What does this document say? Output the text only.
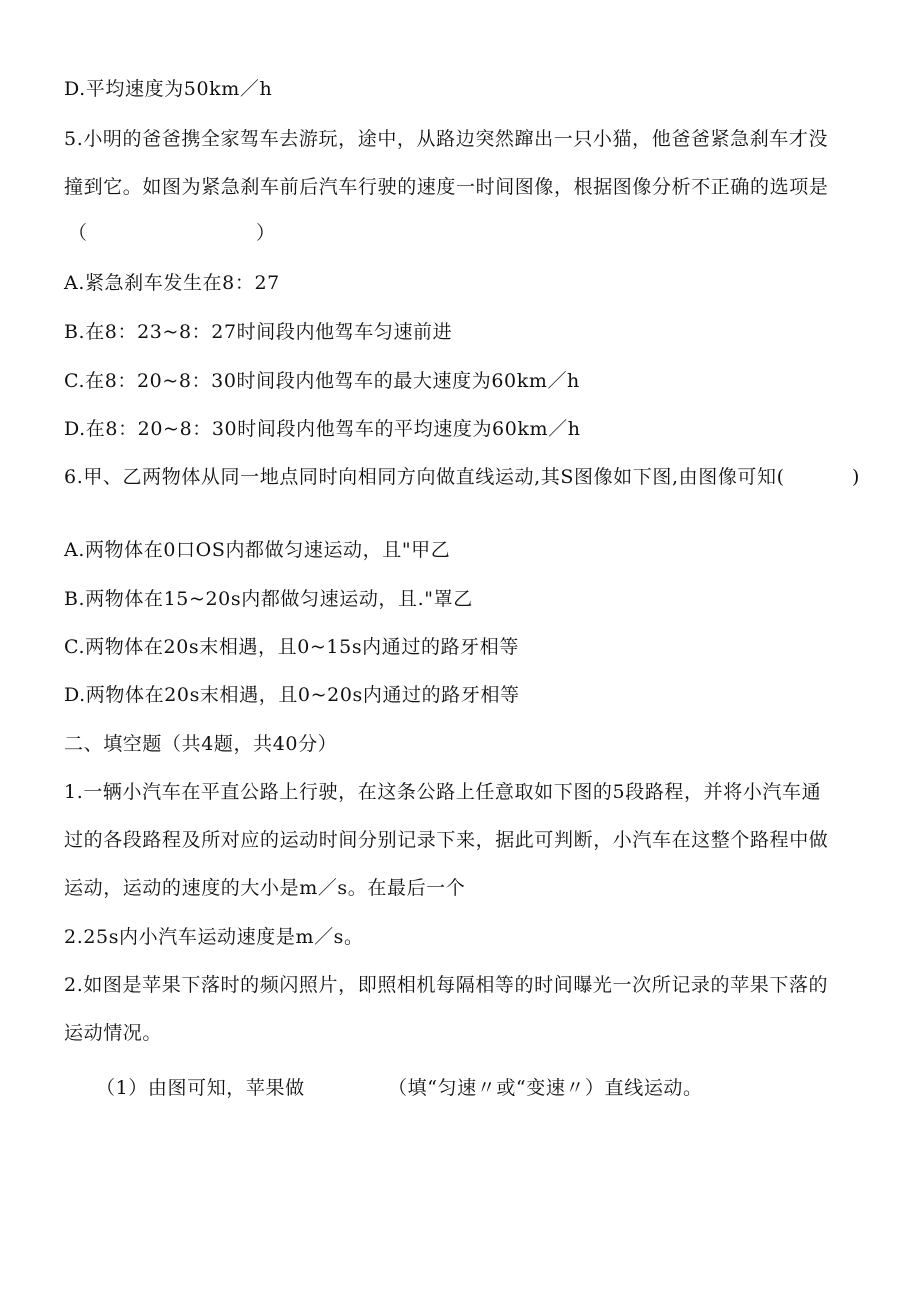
D.平均速度为50km／h
5.小明的爸爸携全家驾车去游玩，途中，从路边突然蹿出一只小猫，他爸爸紧急刹车才没
撞到它。如图为紧急刹车前后汽车行驶的速度一时间图像，根据图像分析不正确的选项是
（	）
A.紧急刹车发生在8：27
B.在8：23~8：27时间段内他驾车匀速前进
C.在8：20~8：30时间段内他驾车的最大速度为60km／h
D.在8：20~8：30时间段内他驾车的平均速度为60km／h
6.甲、乙两物体从同一地点同时向相同方向做直线运动,其S图像如下图,由图像可知(	)
A.两物体在0口OS内都做匀速运动，且"甲乙
B.两物体在15~20s内都做匀速运动，且."罩乙
C.两物体在20s末相遇，且0~15s内通过的路牙相等
D.两物体在20s末相遇，且0~20s内通过的路牙相等
二、填空题（共4题，共40分）
1.一辆小汽车在平直公路上行驶，在这条公路上任意取如下图的5段路程，并将小汽车通
过的各段路程及所对应的运动时间分别记录下来，据此可判断，小汽车在这整个路程中做
运动，运动的速度的大小是m／s。在最后一个
2.25s内小汽车运动速度是m／s。
2.如图是苹果下落时的频闪照片，即照相机每隔相等的时间曝光一次所记录的苹果下落的
运动情况。
（1）由图可知，苹果做	（填“匀速〃或“变速〃）直线运动。
